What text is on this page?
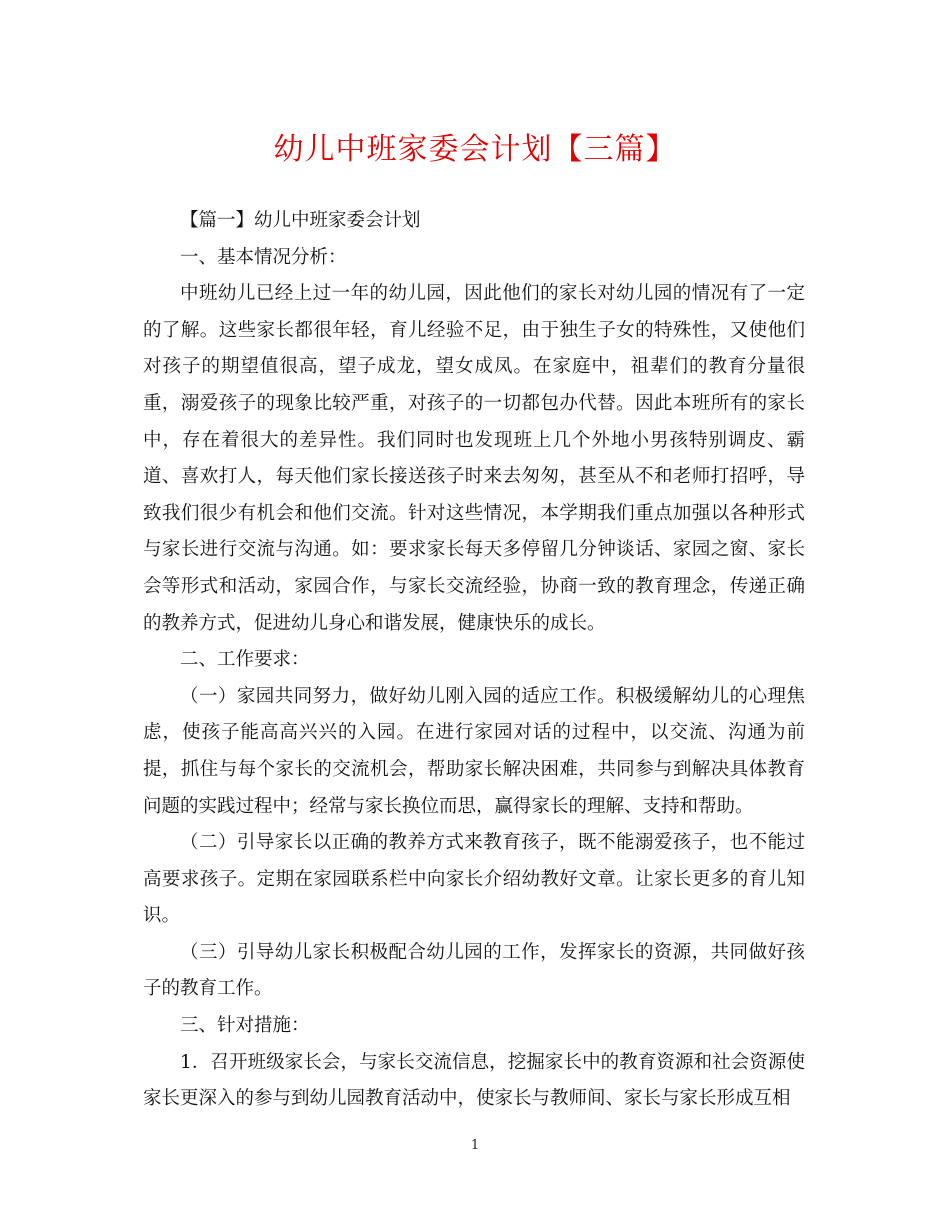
幼儿中班家委会计划【三篇】

【篇一】幼儿中班家委会计划

一、基本情况分析：

中班幼儿已经上过一年的幼儿园，因此他们的家长对幼儿园的情况有了一定的了解。这些家长都很年轻，育儿经验不足，由于独生子女的特殊性，又使他们对孩子的期望值很高，望子成龙，望女成凤。在家庭中，祖辈们的教育分量很重，溺爱孩子的现象比较严重，对孩子的一切都包办代替。因此本班所有的家长中，存在着很大的差异性。我们同时也发现班上几个外地小男孩特别调皮、霸道、喜欢打人，每天他们家长接送孩子时来去匆匆，甚至从不和老师打招呼，导致我们很少有机会和他们交流。针对这些情况，本学期我们重点加强以各种形式与家长进行交流与沟通。如：要求家长每天多停留几分钟谈话、家园之窗、家长会等形式和活动，家园合作，与家长交流经验，协商一致的教育理念，传递正确的教养方式，促进幼儿身心和谐发展，健康快乐的成长。

二、工作要求：

（一）家园共同努力，做好幼儿刚入园的适应工作。积极缓解幼儿的心理焦虑，使孩子能高高兴兴的入园。在进行家园对话的过程中，以交流、沟通为前提，抓住与每个家长的交流机会，帮助家长解决困难，共同参与到解决具体教育问题的实践过程中；经常与家长换位而思，赢得家长的理解、支持和帮助。

（二）引导家长以正确的教养方式来教育孩子，既不能溺爱孩子，也不能过高要求孩子。定期在家园联系栏中向家长介绍幼教好文章。让家长更多的育儿知识。

（三）引导幼儿家长积极配合幼儿园的工作，发挥家长的资源，共同做好孩子的教育工作。

三、针对措施：

1．召开班级家长会，与家长交流信息，挖掘家长中的教育资源和社会资源使家长更深入的参与到幼儿园教育活动中，使家长与教师间、家长与家长形成互相

1
